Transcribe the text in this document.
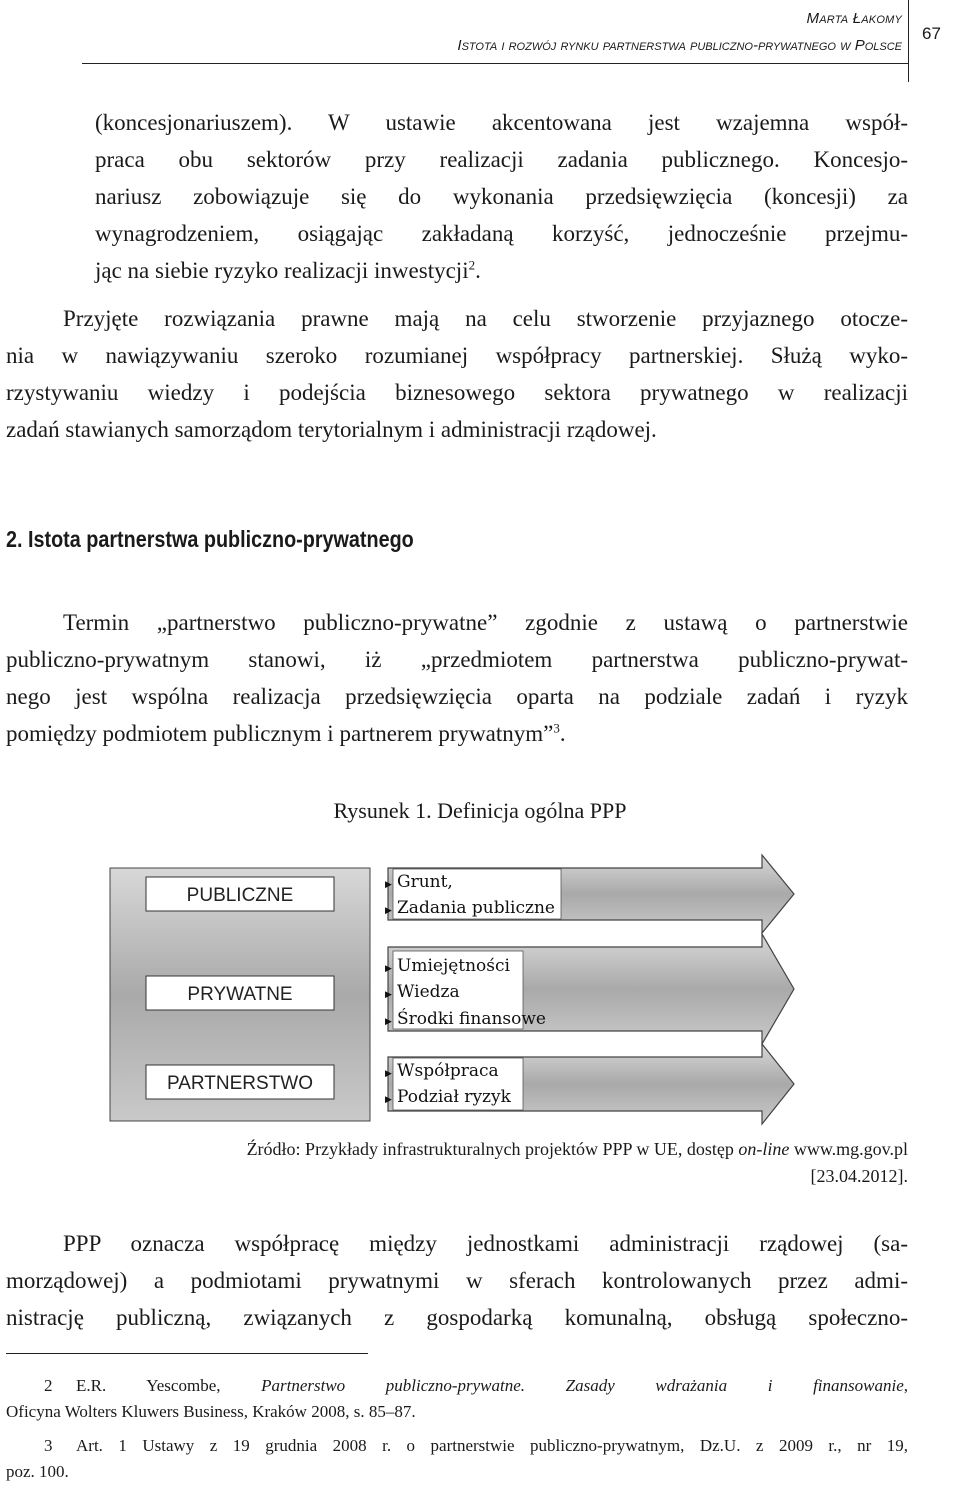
Marta Łakomy
Istota i rozwój rynku partnerstwa publiczno-prywatnego w Polsce
67
(koncesjonariuszem). W ustawie akcentowana jest wzajemna współ-
praca obu sektorów przy realizacji zadania publicznego. Koncesjo-
nariusz zobowiązuje się do wykonania przedsięwzięcia (koncesji) za
wynagrodzeniem, osiągając zakładaną korzyść, jednocześnie przejmu-
jąc na siebie ryzyko realizacji inwestycji$^2$.
Przyjęte rozwiązania prawne mają na celu stworzenie przyjaznego otocze-
nia w nawiązywaniu szeroko rozumianej współpracy partnerskiej. Służą wyko-
rzystywaniu wiedzy i podejścia biznesowego sektora prywatnego w realizacji
zadań stawianych samorządom terytorialnym i administracji rządowej.
2. Istota partnerstwa publiczno-prywatnego
Termin „partnerstwo publiczno-prywatne” zgodnie z ustawą o partnerstwie
publiczno-prywatnym stanowi, iż „przedmiotem partnerstwa publiczno-prywat-
nego jest wspólna realizacja przedsięwzięcia oparta na podziale zadań i ryzyk
pomiędzy podmiotem publicznym i partnerem prywatnym”$^3$.
Rysunek 1. Definicja ogólna PPP
PUBLICZNE
PRYWATNE
PARTNERSTWO
▶ Grunt,
▶ Zadania publiczne
▶ Umiejętności
▶ Wiedza
▶ Środki finansowe
▶ Współpraca
▶ Podział ryzyk
Źródło: Przykłady infrastrukturalnych projektów PPP w UE, dostęp on-line www.mg.gov.pl
[23.04.2012].
PPP oznacza współpracę między jednostkami administracji rządowej (sa-
morządowej) a podmiotami prywatnymi w sferach kontrolowanych przez admi-
nistrację publiczną, związanych z gospodarką komunalną, obsługą społeczno-
2 E.R. Yescombe, Partnerstwo publiczno-prywatne. Zasady wdrażania i finansowanie,
Oficyna Wolters Kluwers Business, Kraków 2008, s. 85–87.
3 Art. 1 Ustawy z 19 grudnia 2008 r. o partnerstwie publiczno-prywatnym, Dz.U. z 2009 r., nr 19,
poz. 100.
